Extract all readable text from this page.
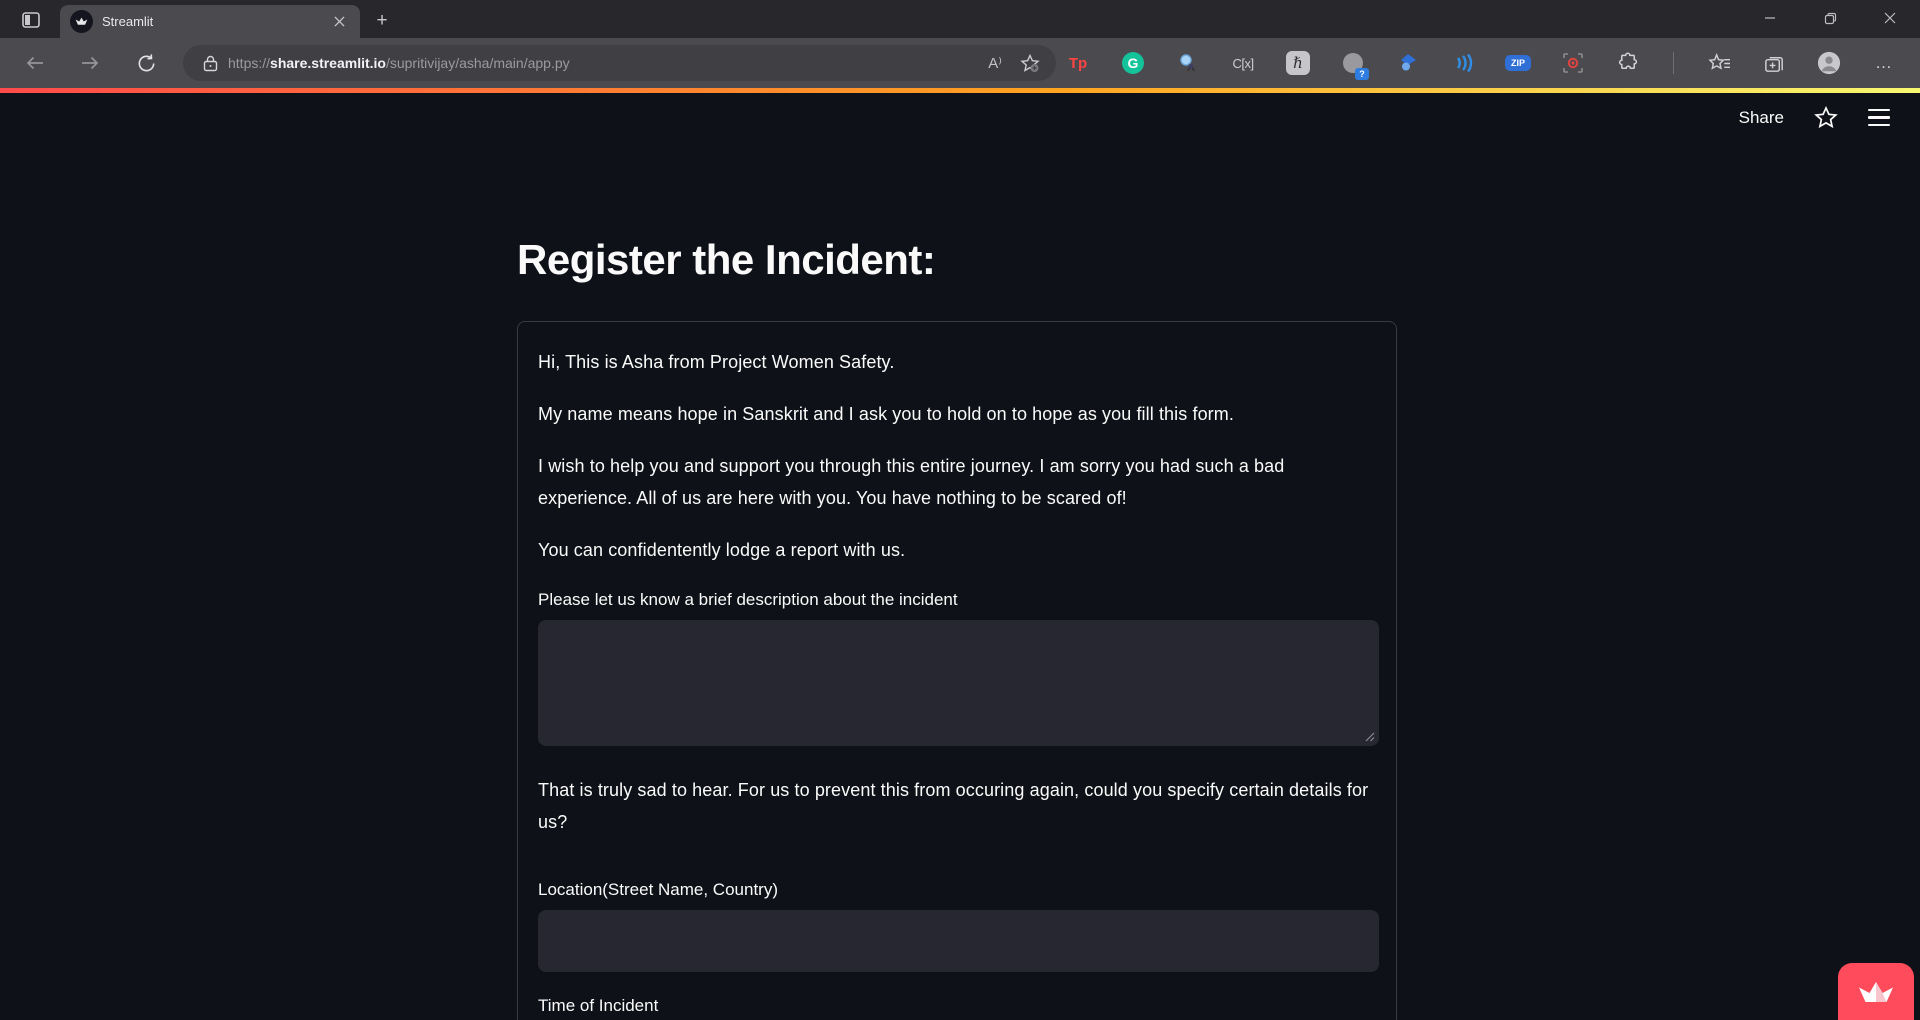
Streamlit	+
https://share.streamlit.io/supritivijay/asha/main/app.py	A⁾	Tp	G	C[x]	ℏ
?
ZIP	…
Share
Register the Incident:

Hi, This is Asha from Project Women Safety.

My name means hope in Sanskrit and I ask you to hold on to hope as you fill this form.

I wish to help you and support you through this entire journey. I am sorry you had such a bad experience. All of us are here with you. You have nothing to be scared of!

You can confidentently lodge a report with us.

Please let us know a brief description about the incident

That is truly sad to hear. For us to prevent this from occuring again, could you specify certain details for us?

Location(Street Name, Country)
Time of Incident
